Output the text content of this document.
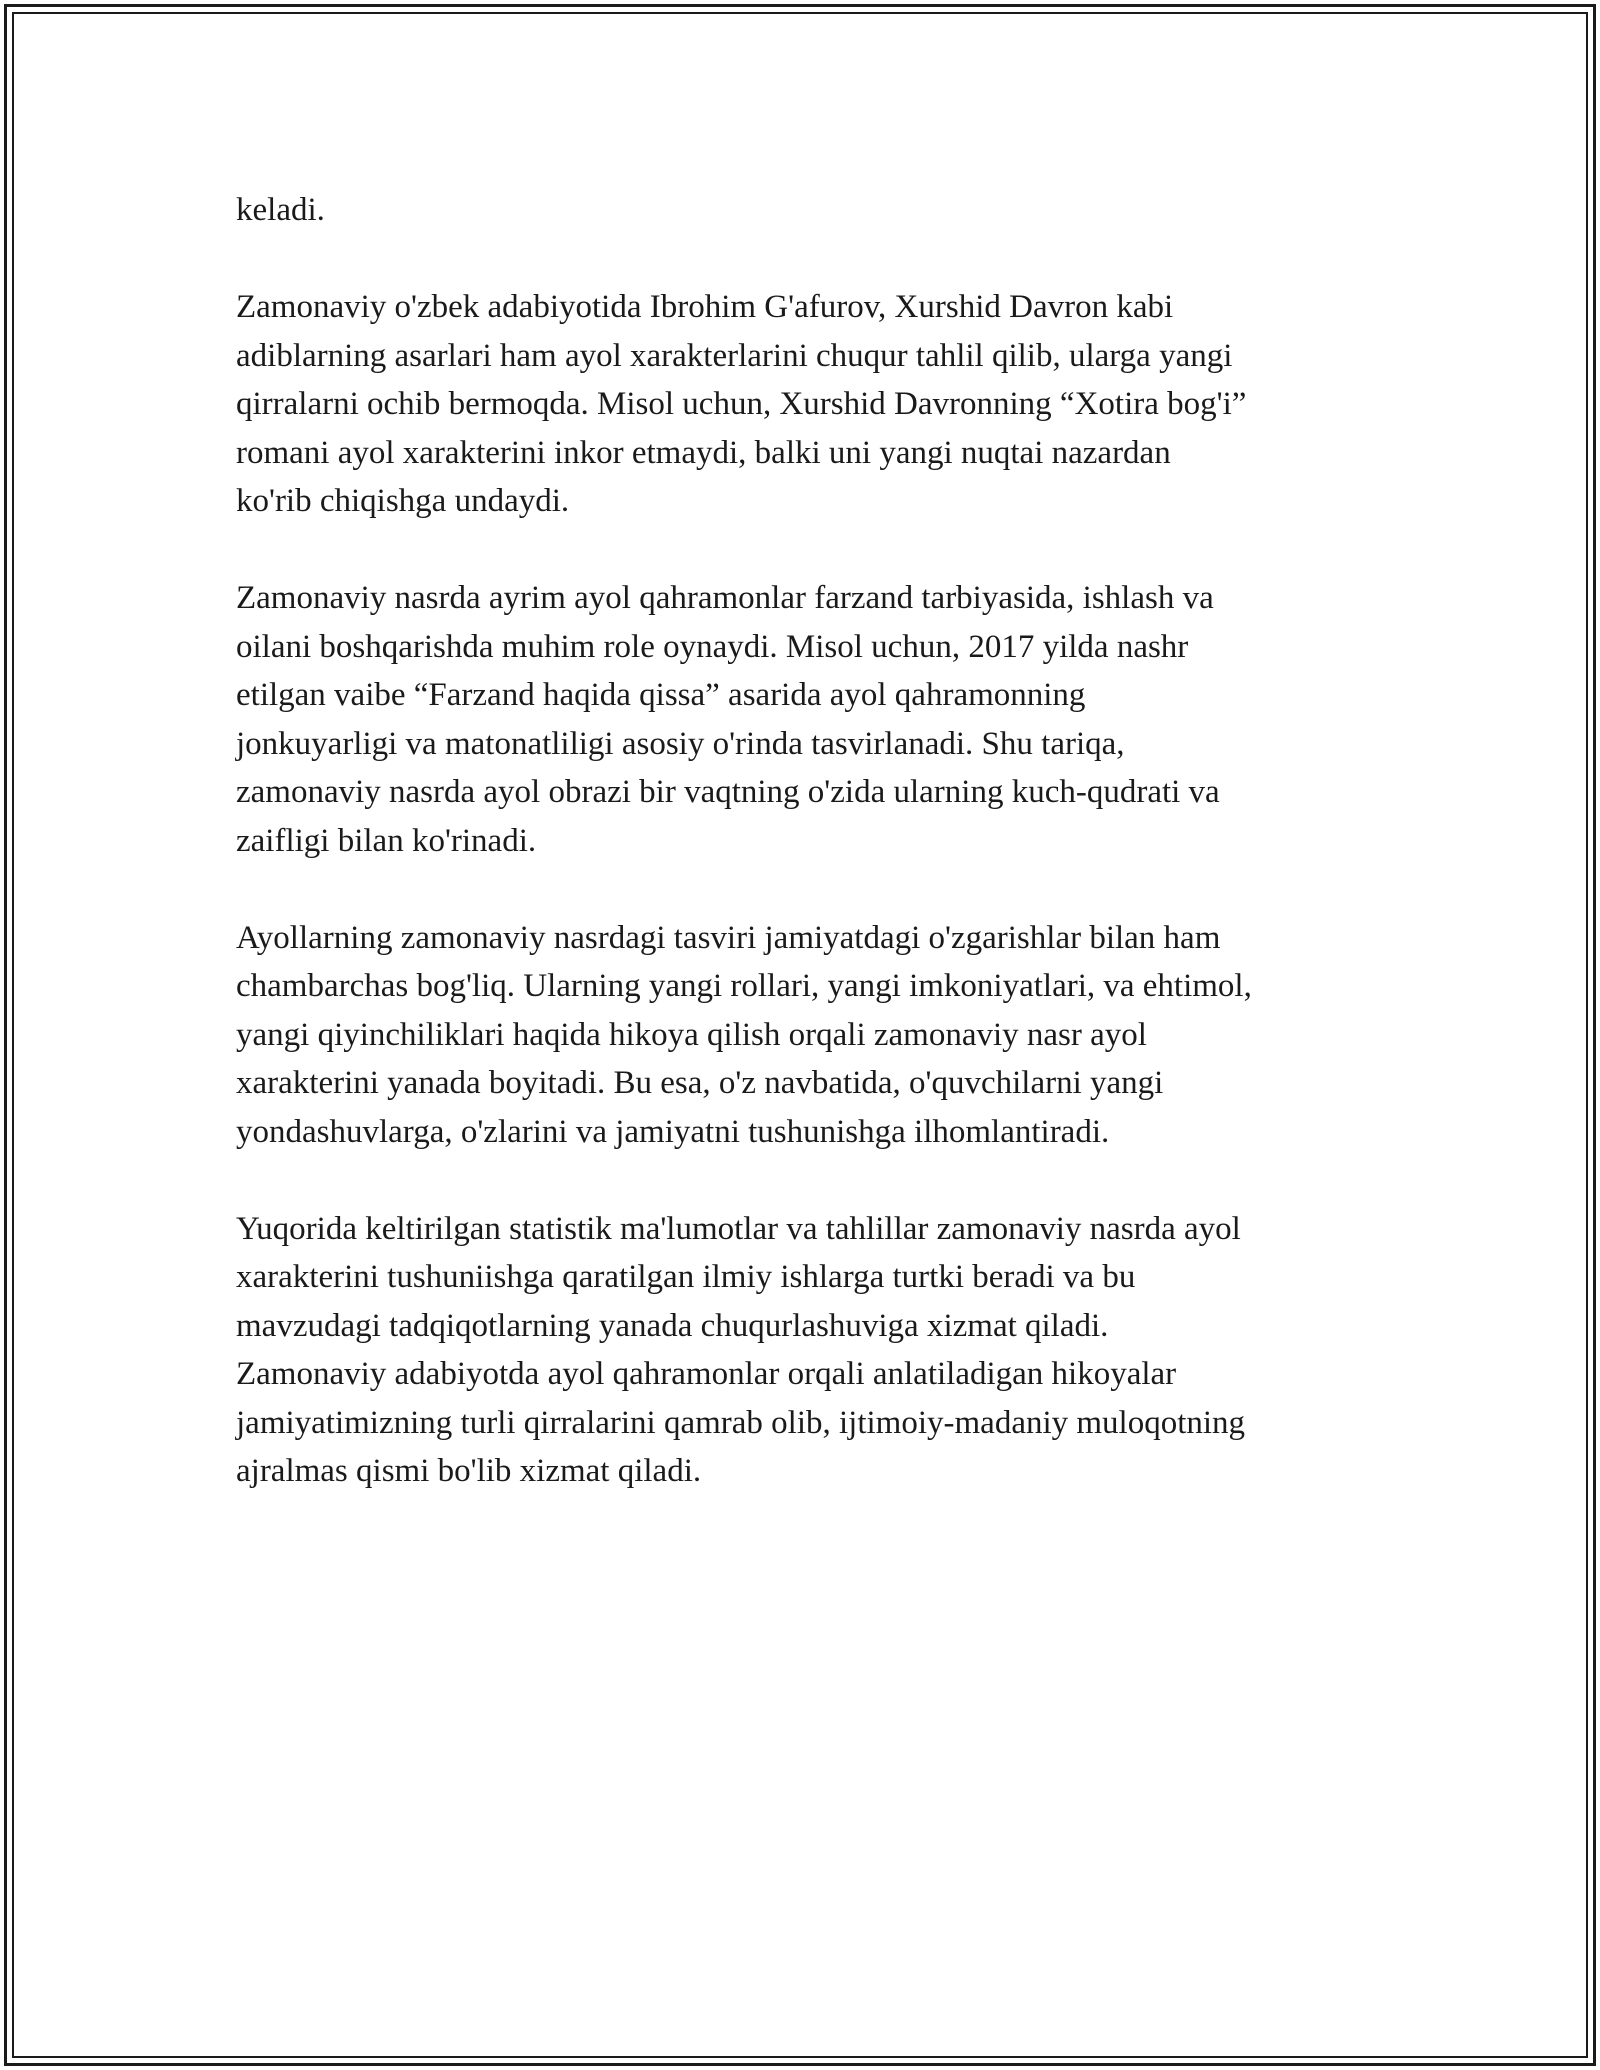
keladi.
Zamonaviy o'zbek adabiyotida Ibrohim G'afurov, Xurshid Davron kabi
adiblarning asarlari ham ayol xarakterlarini chuqur tahlil qilib, ularga yangi
qirralarni ochib bermoqda. Misol uchun, Xurshid Davronning “Xotira bog'i”
romani ayol xarakterini inkor etmaydi, balki uni yangi nuqtai nazardan
ko'rib chiqishga undaydi.
Zamonaviy nasrda ayrim ayol qahramonlar farzand tarbiyasida, ishlash va
oilani boshqarishda muhim role oynaydi. Misol uchun, 2017 yilda nashr
etilgan vaibe “Farzand haqida qissa” asarida ayol qahramonning
jonkuyarligi va matonatliligi asosiy o'rinda tasvirlanadi. Shu tariqa,
zamonaviy nasrda ayol obrazi bir vaqtning o'zida ularning kuch-qudrati va
zaifligi bilan ko'rinadi.
Ayollarning zamonaviy nasrdagi tasviri jamiyatdagi o'zgarishlar bilan ham
chambarchas bog'liq. Ularning yangi rollari, yangi imkoniyatlari, va ehtimol,
yangi qiyinchiliklari haqida hikoya qilish orqali zamonaviy nasr ayol
xarakterini yanada boyitadi. Bu esa, o'z navbatida, o'quvchilarni yangi
yondashuvlarga, o'zlarini va jamiyatni tushunishga ilhomlantiradi.
Yuqorida keltirilgan statistik ma'lumotlar va tahlillar zamonaviy nasrda ayol
xarakterini tushuniishga qaratilgan ilmiy ishlarga turtki beradi va bu
mavzudagi tadqiqotlarning yanada chuqurlashuviga xizmat qiladi.
Zamonaviy adabiyotda ayol qahramonlar orqali anlatiladigan hikoyalar
jamiyatimizning turli qirralarini qamrab olib, ijtimoiy-madaniy muloqotning
ajralmas qismi bo'lib xizmat qiladi.
